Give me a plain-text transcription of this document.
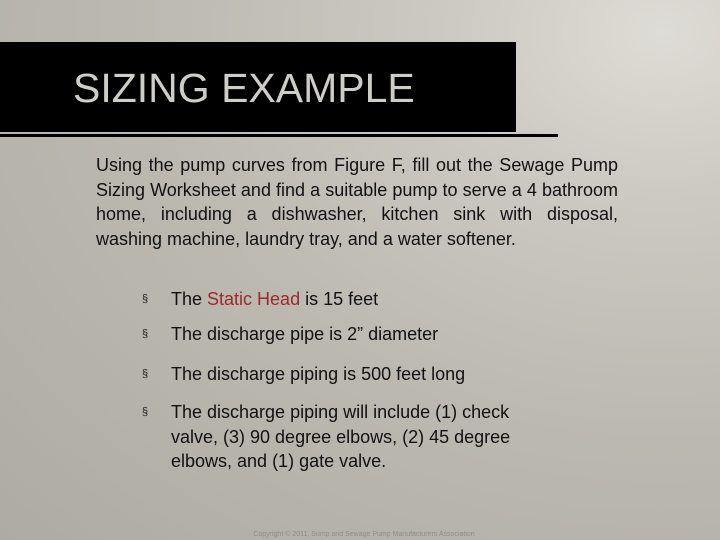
SIZING EXAMPLE

Using the pump curves from Figure F, fill out the Sewage Pump Sizing Worksheet and find a suitable pump to serve a 4 bathroom home, including a dishwasher, kitchen sink with disposal, washing machine, laundry tray, and a water softener.

§ The Static Head is 15 feet
§ The discharge pipe is 2” diameter
§ The discharge piping is 500 feet long
§ The discharge piping will include (1) check valve, (3) 90 degree elbows, (2) 45 degree elbows, and (1) gate valve.

Copyright © 2011, Sump and Sewage Pump Manufacturers Association
